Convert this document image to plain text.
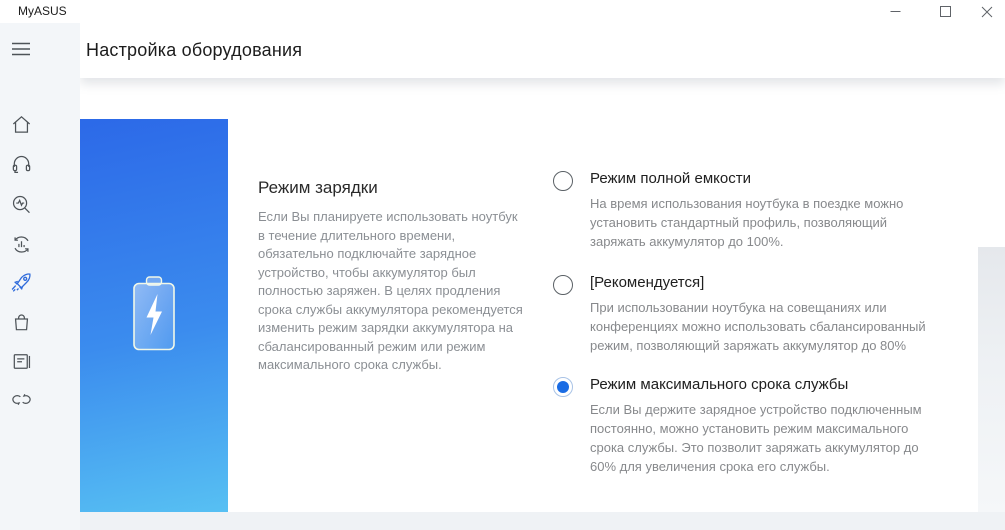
MyASUS
Настройка оборудования
Режим зарядки
Если Вы планируете использовать ноутбук в течение длительного времени, обязательно подключайте зарядное устройство, чтобы аккумулятор был полностью заряжен. В целях продления срока службы аккумулятора рекомендуется изменить режим зарядки аккумулятора на сбалансированный режим или режим максимального срока службы.
Режим полной емкости
На время использования ноутбука в поездке можно установить стандартный профиль, позволяющий заряжать аккумулятор до 100%.
[Рекомендуется]
При использовании ноутбука на совещаниях или конференциях можно использовать сбалансированный режим, позволяющий заряжать аккумулятор до 80%
Режим максимального срока службы
Если Вы держите зарядное устройство подключенным постоянно, можно установить режим максимального срока службы. Это позволит заряжать аккумулятор до 60% для увеличения срока его службы.
